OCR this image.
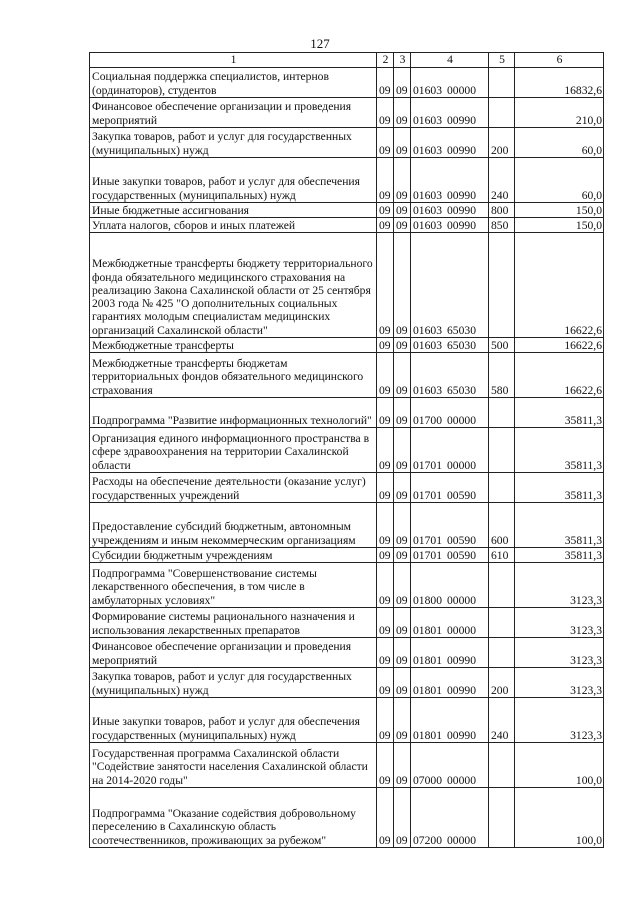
127
1	2	3	4	5	6
Социальная поддержка специалистов, интернов (ординаторов), студентов	09	09	01603 00000		16832,6
Финансовое обеспечение организации и проведения мероприятий	09	09	01603 00990		210,0
Закупка товаров, работ и услуг для государственных (муниципальных) нужд	09	09	01603 00990	200	60,0
Иные закупки товаров, работ и услуг для обеспечения государственных (муниципальных) нужд	09	09	01603 00990	240	60,0
Иные бюджетные ассигнования	09	09	01603 00990	800	150,0
Уплата налогов, сборов и иных платежей	09	09	01603 00990	850	150,0
Межбюджетные трансферты бюджету территориального фонда обязательного медицинского страхования на реализацию Закона Сахалинской области от 25 сентября 2003 года № 425 "О дополнительных социальных гарантиях молодым специалистам медицинских организаций Сахалинской области"	09	09	01603 65030		16622,6
Межбюджетные трансферты	09	09	01603 65030	500	16622,6
Межбюджетные трансферты бюджетам территориальных фондов обязательного медицинского страхования	09	09	01603 65030	580	16622,6
Подпрограмма "Развитие информационных технологий"	09	09	01700 00000		35811,3
Организация единого информационного пространства в сфере здравоохранения на территории Сахалинской области	09	09	01701 00000		35811,3
Расходы на обеспечение деятельности (оказание услуг) государственных учреждений	09	09	01701 00590		35811,3
Предоставление субсидий бюджетным, автономным учреждениям и иным некоммерческим организациям	09	09	01701 00590	600	35811,3
Субсидии бюджетным учреждениям	09	09	01701 00590	610	35811,3
Подпрограмма "Совершенствование системы лекарственного обеспечения, в том числе в амбулаторных условиях"	09	09	01800 00000		3123,3
Формирование системы рационального назначения и использования лекарственных препаратов	09	09	01801 00000		3123,3
Финансовое обеспечение организации и проведения мероприятий	09	09	01801 00990		3123,3
Закупка товаров, работ и услуг для государственных (муниципальных) нужд	09	09	01801 00990	200	3123,3
Иные закупки товаров, работ и услуг для обеспечения государственных (муниципальных) нужд	09	09	01801 00990	240	3123,3
Государственная программа Сахалинской области "Содействие занятости населения Сахалинской области на 2014-2020 годы"	09	09	07000 00000		100,0
Подпрограмма "Оказание содействия добровольному переселению в Сахалинскую область соотечественников, проживающих за рубежом"	09	09	07200 00000		100,0
